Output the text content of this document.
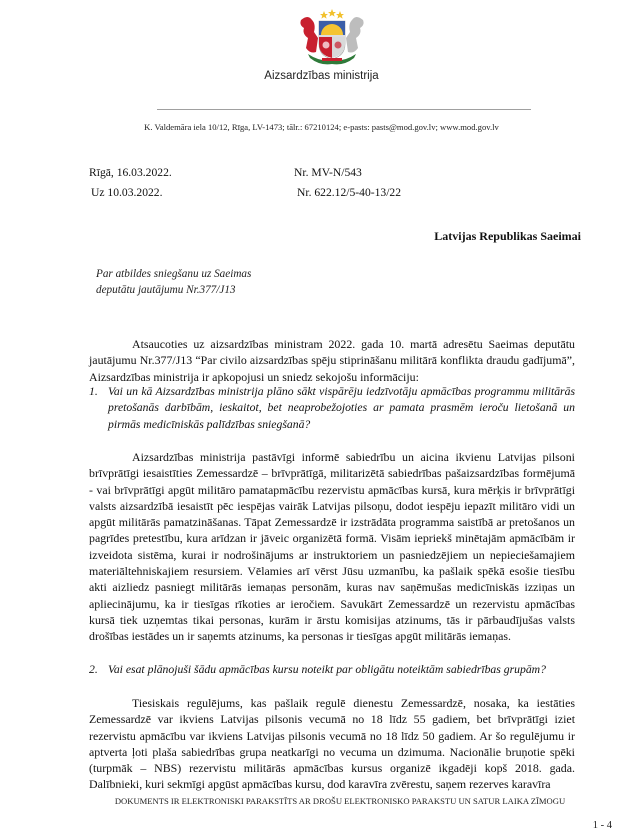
Aizsardzības ministrija
K. Valdemāra iela 10/12, Rīga, LV-1473; tālr.: 67210124; e-pasts: pasts@mod.gov.lv; www.mod.gov.lv
Rīgā, 16.03.2022.	Nr. MV-N/543
Uz 10.03.2022.	Nr. 622.12/5-40-13/22
Latvijas Republikas Saeimai
Par atbildes sniegšanu uz Saeimas
deputātu jautājumu Nr.377/J13

Atsaucoties uz aizsardzības ministram 2022. gada 10. martā adresētu Saeimas deputātu jautājumu Nr.377/J13 “Par civilo aizsardzības spēju stiprināšanu militārā konflikta draudu gadījumā”, Aizsardzības ministrija ir apkopojusi un sniedz sekojošu informāciju:

1. Vai un kā Aizsardzības ministrija plāno sākt vispārēju iedzīvotāju apmācības programmu militārās pretošanās darbībām, ieskaitot, bet neaprobežojoties ar pamata prasmēm ieroču lietošanā un pirmās medicīniskās palīdzības sniegšanā?

Aizsardzības ministrija pastāvīgi informē sabiedrību un aicina ikvienu Latvijas pilsoni brīvprātīgi iesaistīties Zemessardzē – brīvprātīgā, militarizētā sabiedrības pašaizsardzības formējumā - vai brīvprātīgi apgūt militāro pamatapmācību rezervistu apmācības kursā, kura mērķis ir brīvprātīgi valsts aizsardzībā iesaistīt pēc iespējas vairāk Latvijas pilsoņu, dodot iespēju iepazīt militāro vidi un apgūt militārās pamatzināšanas. Tāpat Zemessardzē ir izstrādāta programma saistībā ar pretošanos un pagrīdes pretestību, kura arīdzan ir jāveic organizētā formā. Visām iepriekš minētajām apmācībām ir izveidota sistēma, kurai ir nodrošinājums ar instruktoriem un pasniedzējiem un nepieciešamajiem materiāltehniskajiem resursiem. Vēlamies arī vērst Jūsu uzmanību, ka pašlaik spēkā esošie tiesību akti aizliedz pasniegt militārās iemaņas personām, kuras nav saņēmušas medicīniskās izziņas un apliecinājumu, ka ir tiesīgas rīkoties ar ieročiem. Savukārt Zemessardzē un rezervistu apmācības kursā tiek uzņemtas tikai personas, kurām ir ārstu komisijas atzinums, tās ir pārbaudījušas valsts drošības iestādes un ir saņemts atzinums, ka personas ir tiesīgas apgūt militārās iemaņas.

2. Vai esat plānojuši šādu apmācības kursu noteikt par obligātu noteiktām sabiedrības grupām?

Tiesiskais regulējums, kas pašlaik regulē dienestu Zemessardzē, nosaka, ka iestāties Zemessardzē var ikviens Latvijas pilsonis vecumā no 18 līdz 55 gadiem, bet brīvprātīgi iziet rezervistu apmācību var ikviens Latvijas pilsonis vecumā no 18 līdz 50 gadiem. Ar šo regulējumu ir aptverta ļoti plaša sabiedrības grupa neatkarīgi no vecuma un dzimuma. Nacionālie bruņotie spēki (turpmāk – NBS) rezervistu militārās apmācības kursus organizē ikgadēji kopš 2018. gada. Dalībnieki, kuri sekmīgi apgūst apmācības kursu, dod karavīra zvērestu, saņem rezerves karavīra

DOKUMENTS IR ELEKTRONISKI PARAKSTĪTS AR DROŠU ELEKTRONISKO PARAKSTU UN SATUR LAIKA ZĪMOGU
1 - 4
